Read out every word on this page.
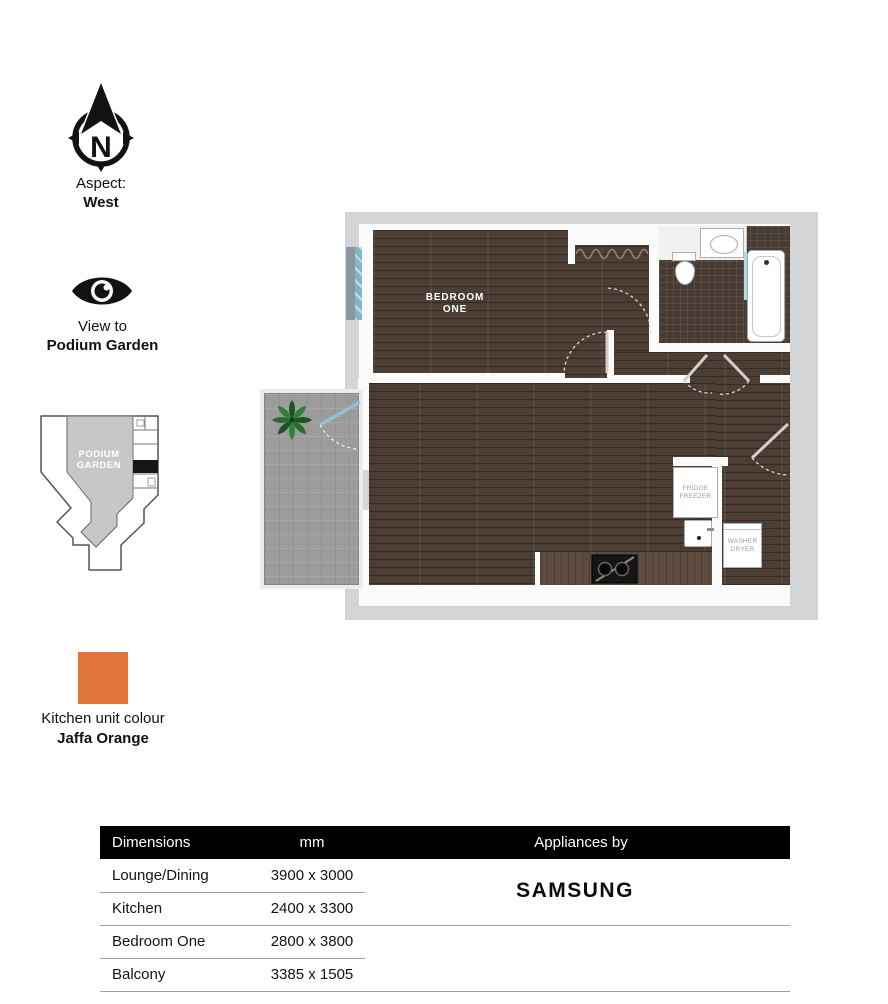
N
Aspect:
West
View to
Podium Garden
PODIUM
GARDEN
Kitchen unit colour
Jaffa Orange
FRIDGE
FREEZER
WASHER
DRYER
BEDROOM
ONE
Dimensions	mm	Appliances by
Lounge/Dining	3900 x 3000
Kitchen	2400 x 3300
Bedroom One	2800 x 3800
Balcony	3385 x 1505
SAMSUNG
